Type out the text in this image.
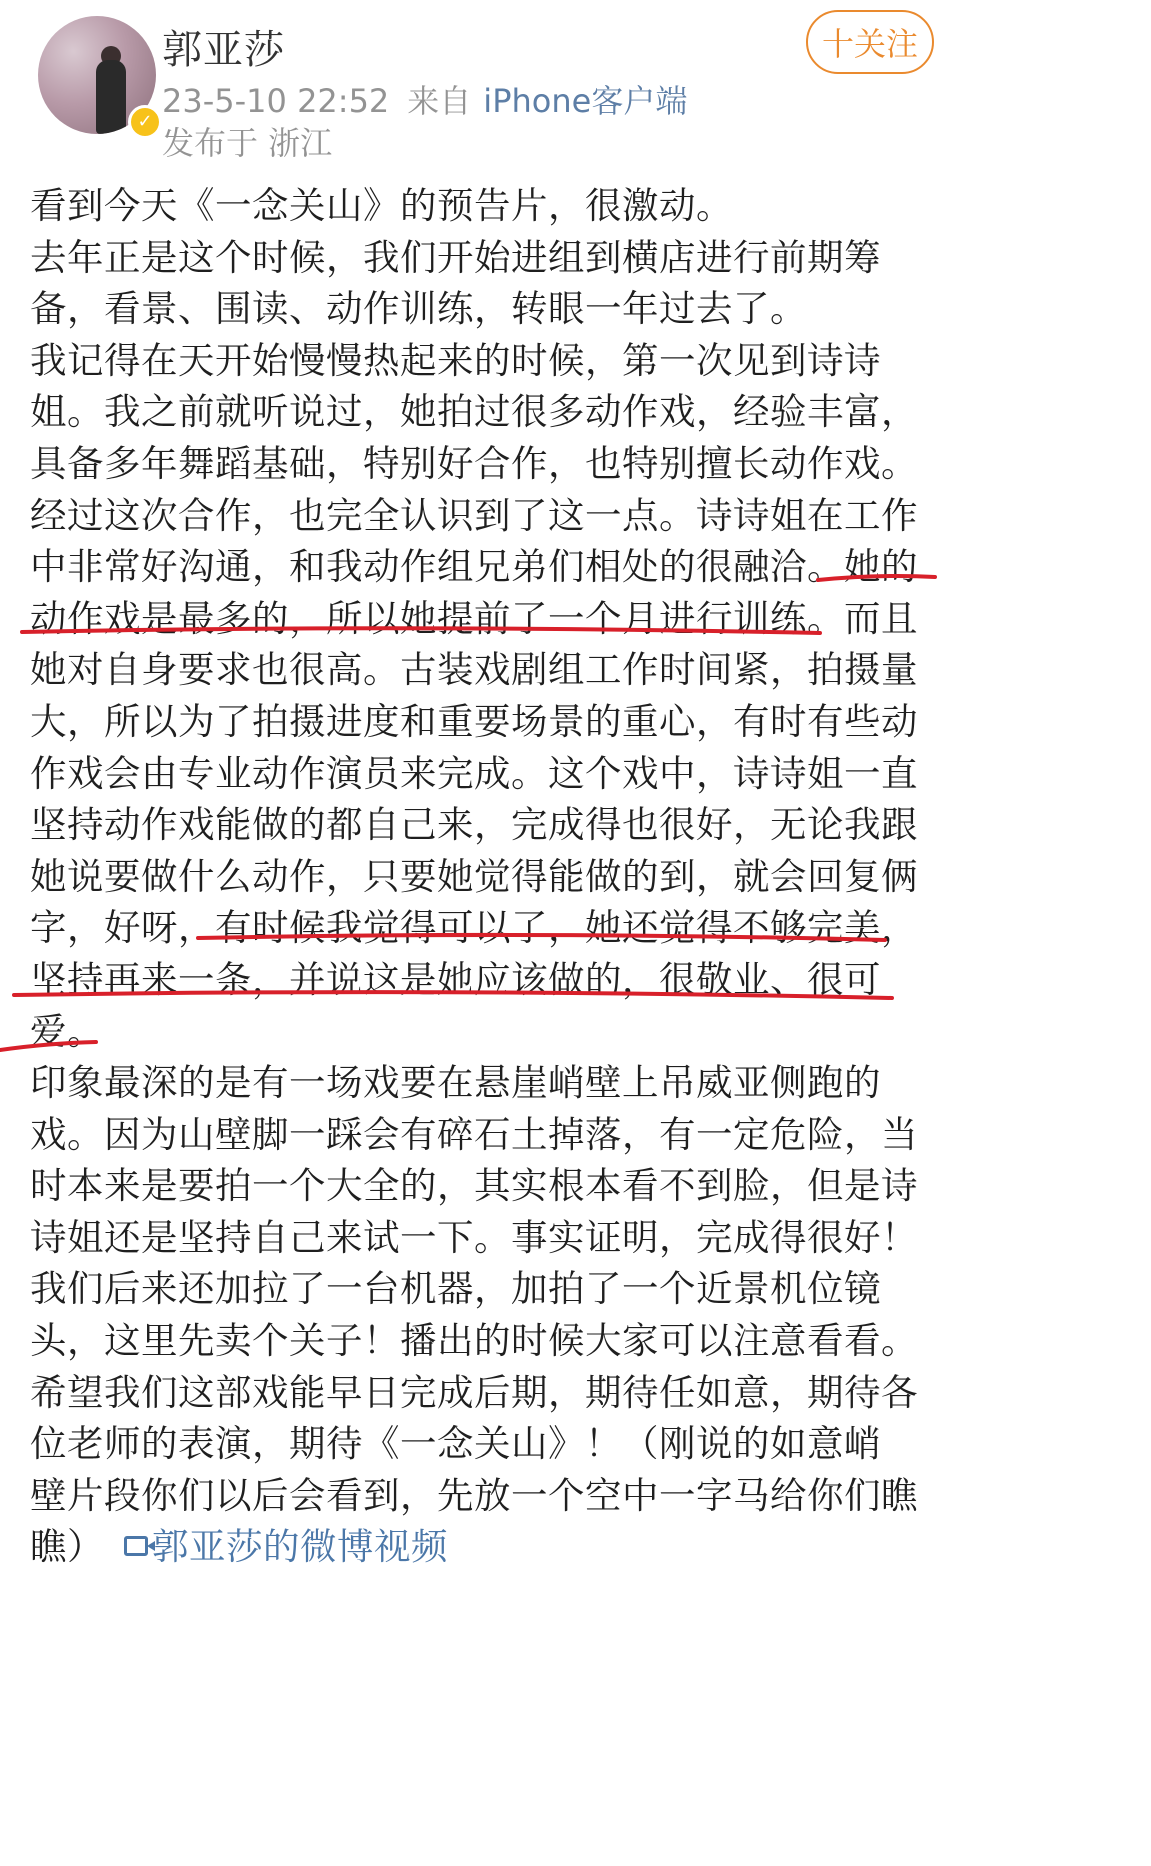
✓
郭亚莎
23-5-10 22:52 来自 iPhone客户端
发布于 浙江
十关注
看到今天《一念关山》的预告片，很激动。
去年正是这个时候，我们开始进组到横店进行前期筹
备，看景、围读、动作训练，转眼一年过去了。
我记得在天开始慢慢热起来的时候，第一次见到诗诗
姐。我之前就听说过，她拍过很多动作戏，经验丰富，
具备多年舞蹈基础，特别好合作，也特别擅长动作戏。
经过这次合作，也完全认识到了这一点。诗诗姐在工作
中非常好沟通，和我动作组兄弟们相处的很融洽。她的
动作戏是最多的，所以她提前了一个月进行训练。而且
她对自身要求也很高。古装戏剧组工作时间紧，拍摄量
大，所以为了拍摄进度和重要场景的重心，有时有些动
作戏会由专业动作演员来完成。这个戏中，诗诗姐一直
坚持动作戏能做的都自己来，完成得也很好，无论我跟
她说要做什么动作，只要她觉得能做的到，就会回复俩
字，好呀，有时候我觉得可以了，她还觉得不够完美，
坚持再来一条，并说这是她应该做的，很敬业、很可
爱。
印象最深的是有一场戏要在悬崖峭壁上吊威亚侧跑的
戏。因为山壁脚一踩会有碎石土掉落，有一定危险，当
时本来是要拍一个大全的，其实根本看不到脸，但是诗
诗姐还是坚持自己来试一下。事实证明，完成得很好！
我们后来还加拉了一台机器，加拍了一个近景机位镜
头，这里先卖个关子！播出的时候大家可以注意看看。
希望我们这部戏能早日完成后期，期待任如意，期待各
位老师的表演，期待《一念关山》！（刚说的如意峭
壁片段你们以后会看到，先放一个空中一字马给你们瞧
瞧） 郭亚莎的微博视频
